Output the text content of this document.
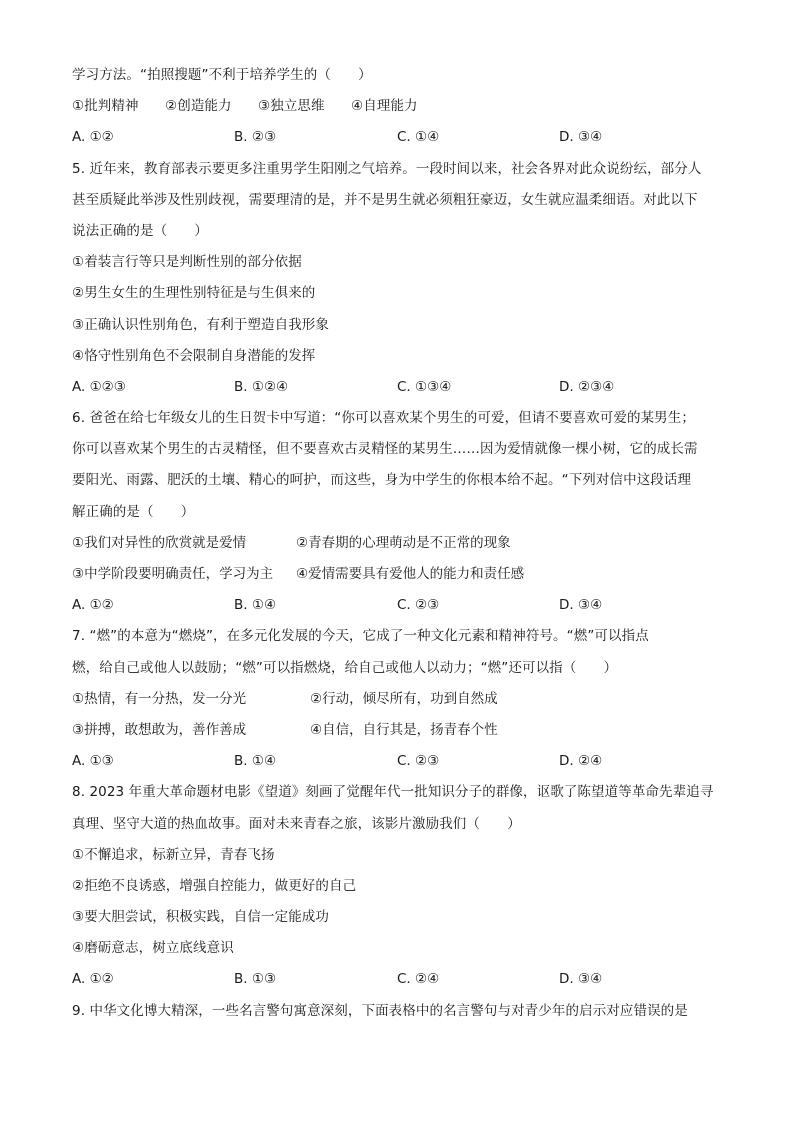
学习方法。“拍照搜题”不利于培养学生的（　　）
①批判精神 ②创造能力 ③独立思维 ④自理能力
A. ①②	B. ②③	C. ①④	D. ③④
5. 近年来，教育部表示要更多注重男学生阳刚之气培养。一段时间以来，社会各界对此众说纷纭，部分人
甚至质疑此举涉及性别歧视，需要理清的是，并不是男生就必须粗狂豪迈，女生就应温柔细语。对此以下
说法正确的是（　　）
①着装言行等只是判断性别的部分依据
②男生女生的生理性别特征是与生俱来的
③正确认识性别角色，有利于塑造自我形象
④恪守性别角色不会限制自身潜能的发挥
A. ①②③	B. ①②④	C. ①③④	D. ②③④
6. 爸爸在给七年级女儿的生日贺卡中写道：“你可以喜欢某个男生的可爱，但请不要喜欢可爱的某男生；
你可以喜欢某个男生的古灵精怪，但不要喜欢古灵精怪的某男生……因为爱情就像一棵小树，它的成长需
要阳光、雨露、肥沃的土壤、精心的呵护，而这些，身为中学生的你根本给不起。“下列对信中这段话理
解正确的是（　　）
①我们对异性的欣赏就是爱情	②青春期的心理萌动是不正常的现象
③中学阶段要明确责任，学习为主 ④爱情需要具有爱他人的能力和责任感
A. ①②	B. ①④	C. ②③	D. ③④
7. “燃”的本意为“燃烧”，在多元化发展的今天，它成了一种文化元素和精神符号。“燃”可以指点
燃，给自己或他人以鼓励；“燃”可以指燃烧，给自己或他人以动力；“燃”还可以指（　　）
①热情，有一分热，发一分光	②行动，倾尽所有，功到自然成
③拼搏，敢想敢为，善作善成	④自信，自行其是，扬青春个性
A. ①③	B. ①④	C. ②③	D. ②④
8. 2023 年重大革命题材电影《望道》刻画了觉醒年代一批知识分子的群像，讴歌了陈望道等革命先辈追寻
真理、坚守大道的热血故事。面对未来青春之旅，该影片激励我们（　　）
①不懈追求，标新立异，青春飞扬
②拒绝不良诱惑，增强自控能力，做更好的自己
③要大胆尝试，积极实践，自信一定能成功
④磨砺意志，树立底线意识
A. ①②	B. ①③	C. ②④	D. ③④
9. 中华文化博大精深，一些名言警句寓意深刻，下面表格中的名言警句与对青少年的启示对应错误的是
